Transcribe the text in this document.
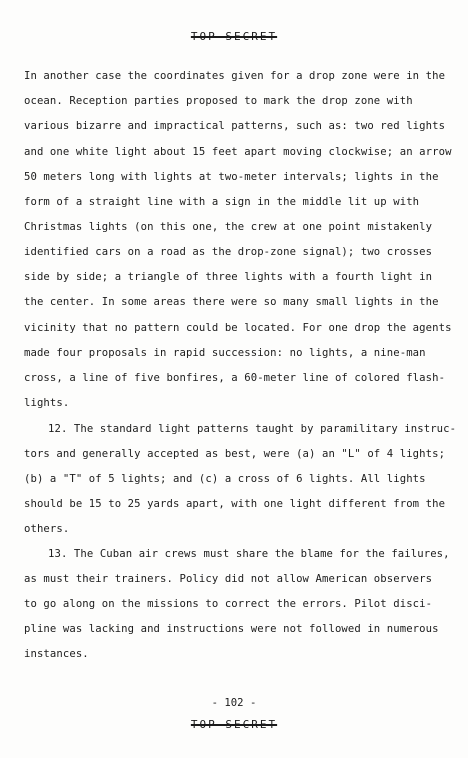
TOP SECRET
In another case the coordinates given for a drop zone were in the
ocean. Reception parties proposed to mark the drop zone with
various bizarre and impractical patterns, such as: two red lights
and one white light about 15 feet apart moving clockwise; an arrow
50 meters long with lights at two-meter intervals; lights in the
form of a straight line with a sign in the middle lit up with
Christmas lights (on this one, the crew at one point mistakenly
identified cars on a road as the drop-zone signal); two crosses
side by side; a triangle of three lights with a fourth light in
the center. In some areas there were so many small lights in the
vicinity that no pattern could be located. For one drop the agents
made four proposals in rapid succession: no lights, a nine-man
cross, a line of five bonfires, a 60-meter line of colored flash-
lights.
12. The standard light patterns taught by paramilitary instruc-
tors and generally accepted as best, were (a) an "L" of 4 lights;
(b) a "T" of 5 lights; and (c) a cross of 6 lights. All lights
should be 15 to 25 yards apart, with one light different from the
others.
13. The Cuban air crews must share the blame for the failures,
as must their trainers. Policy did not allow American observers
to go along on the missions to correct the errors. Pilot disci-
pline was lacking and instructions were not followed in numerous
instances.
- 102 -
TOP SECRET
